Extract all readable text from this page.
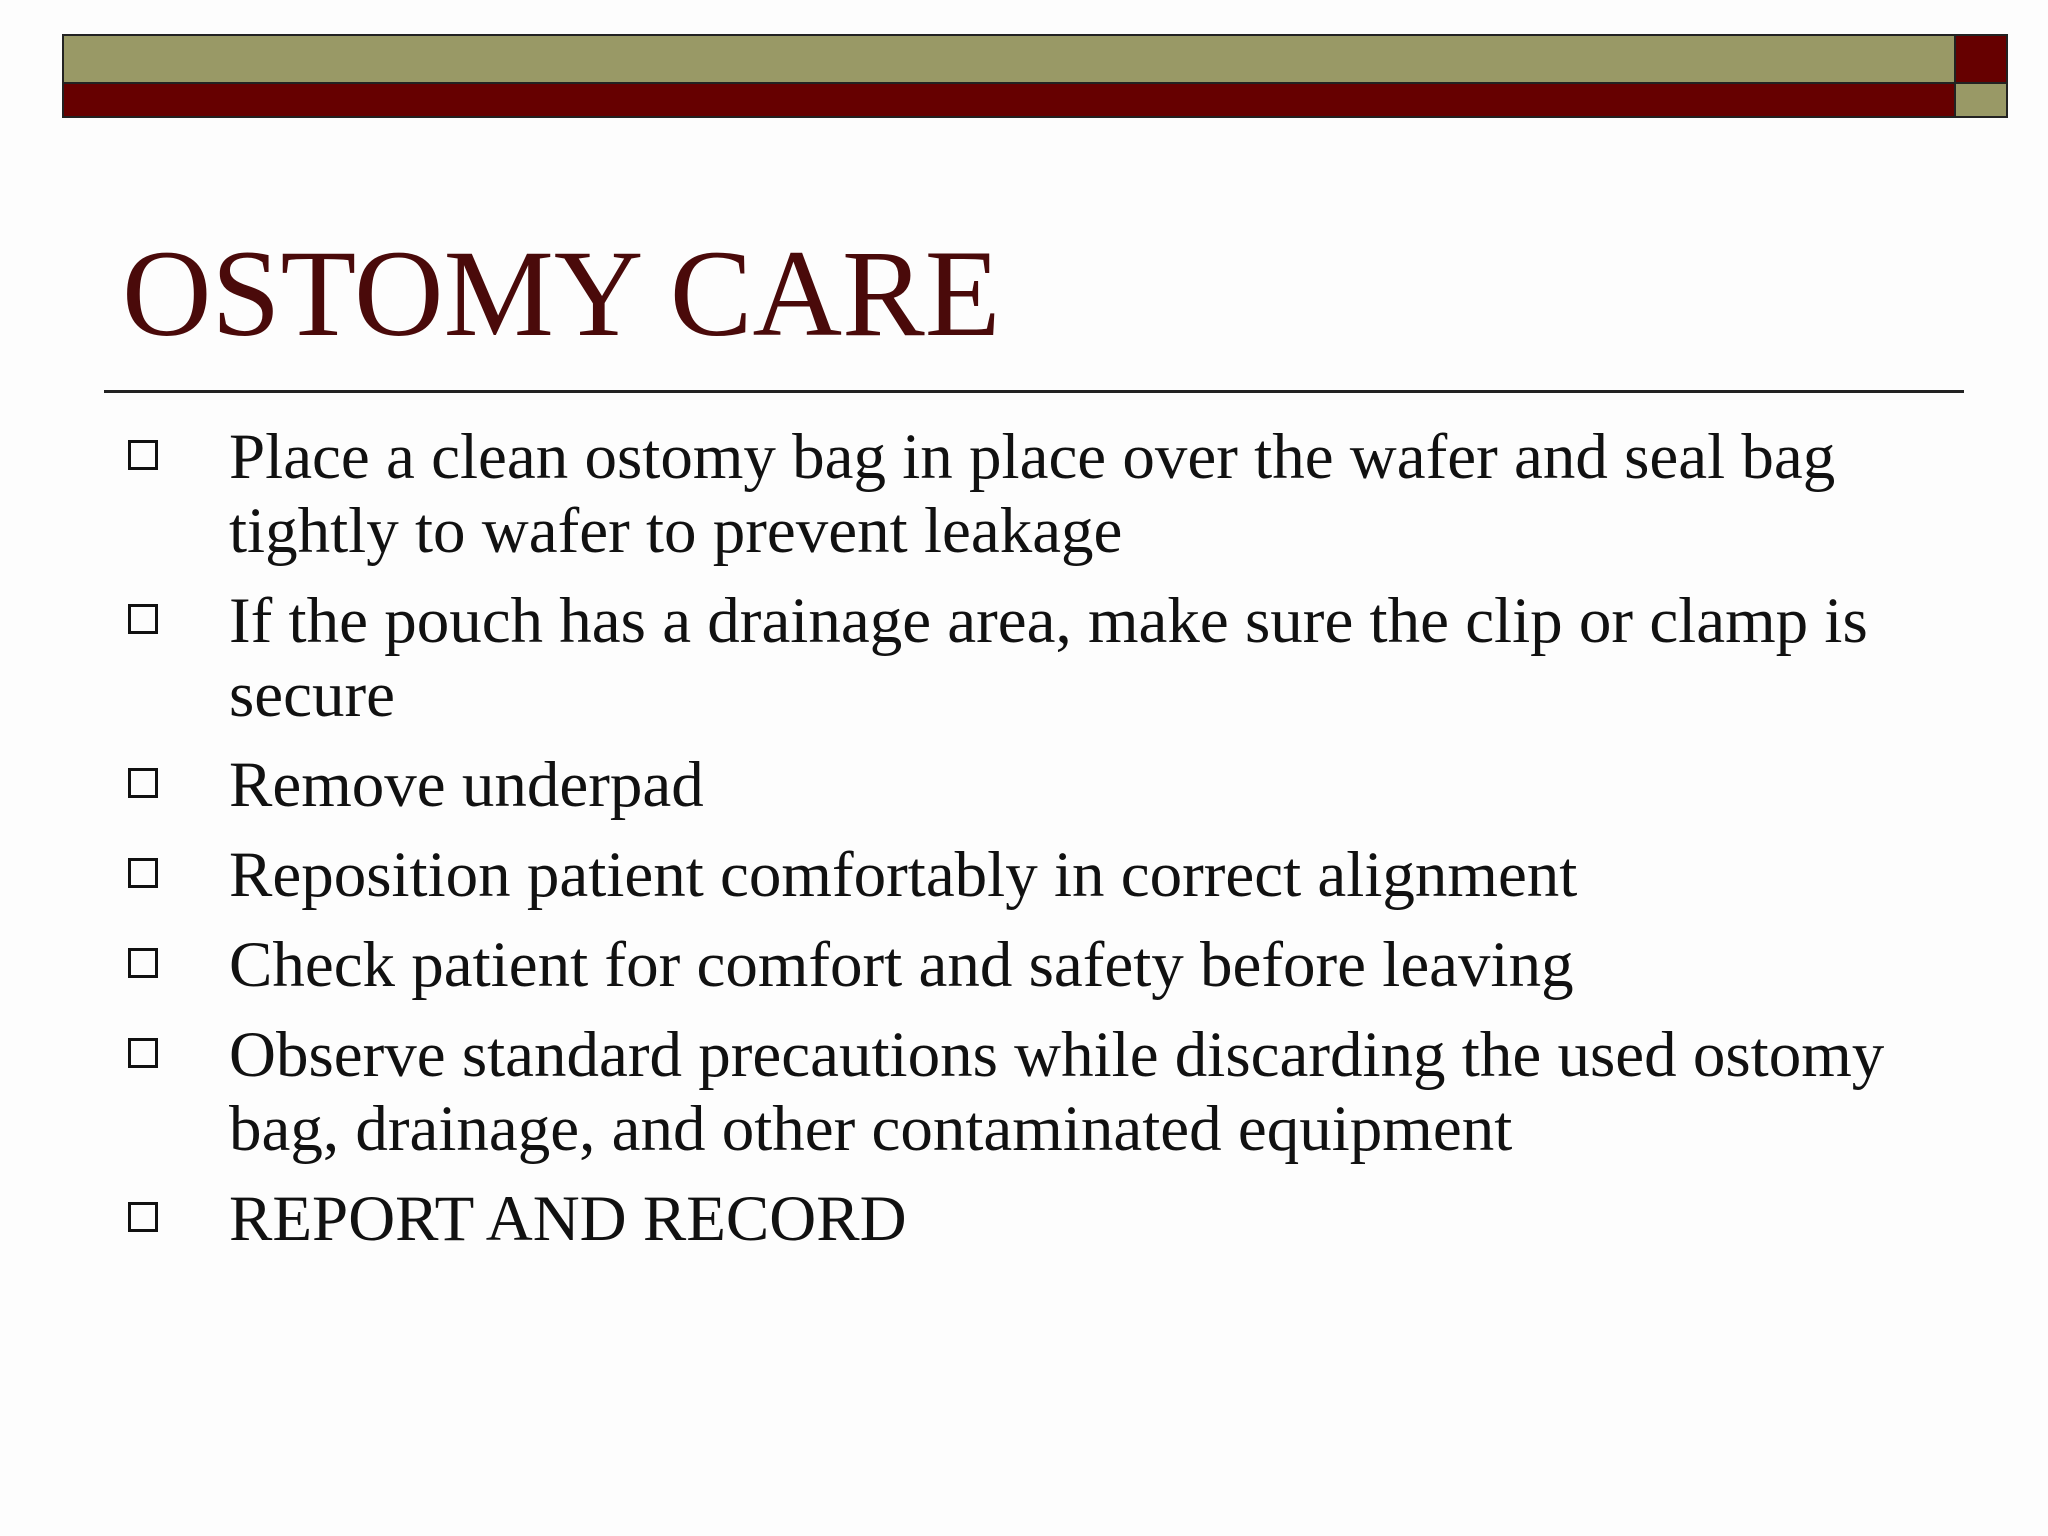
OSTOMY CARE
Place a clean ostomy bag in place over the wafer and seal bag tightly to wafer to prevent leakage
If the pouch has a drainage area, make sure the clip or clamp is secure
Remove underpad
Reposition patient comfortably in correct alignment
Check patient for comfort and safety before leaving
Observe standard precautions while discarding the used ostomy bag, drainage, and other contaminated equipment
REPORT AND RECORD
